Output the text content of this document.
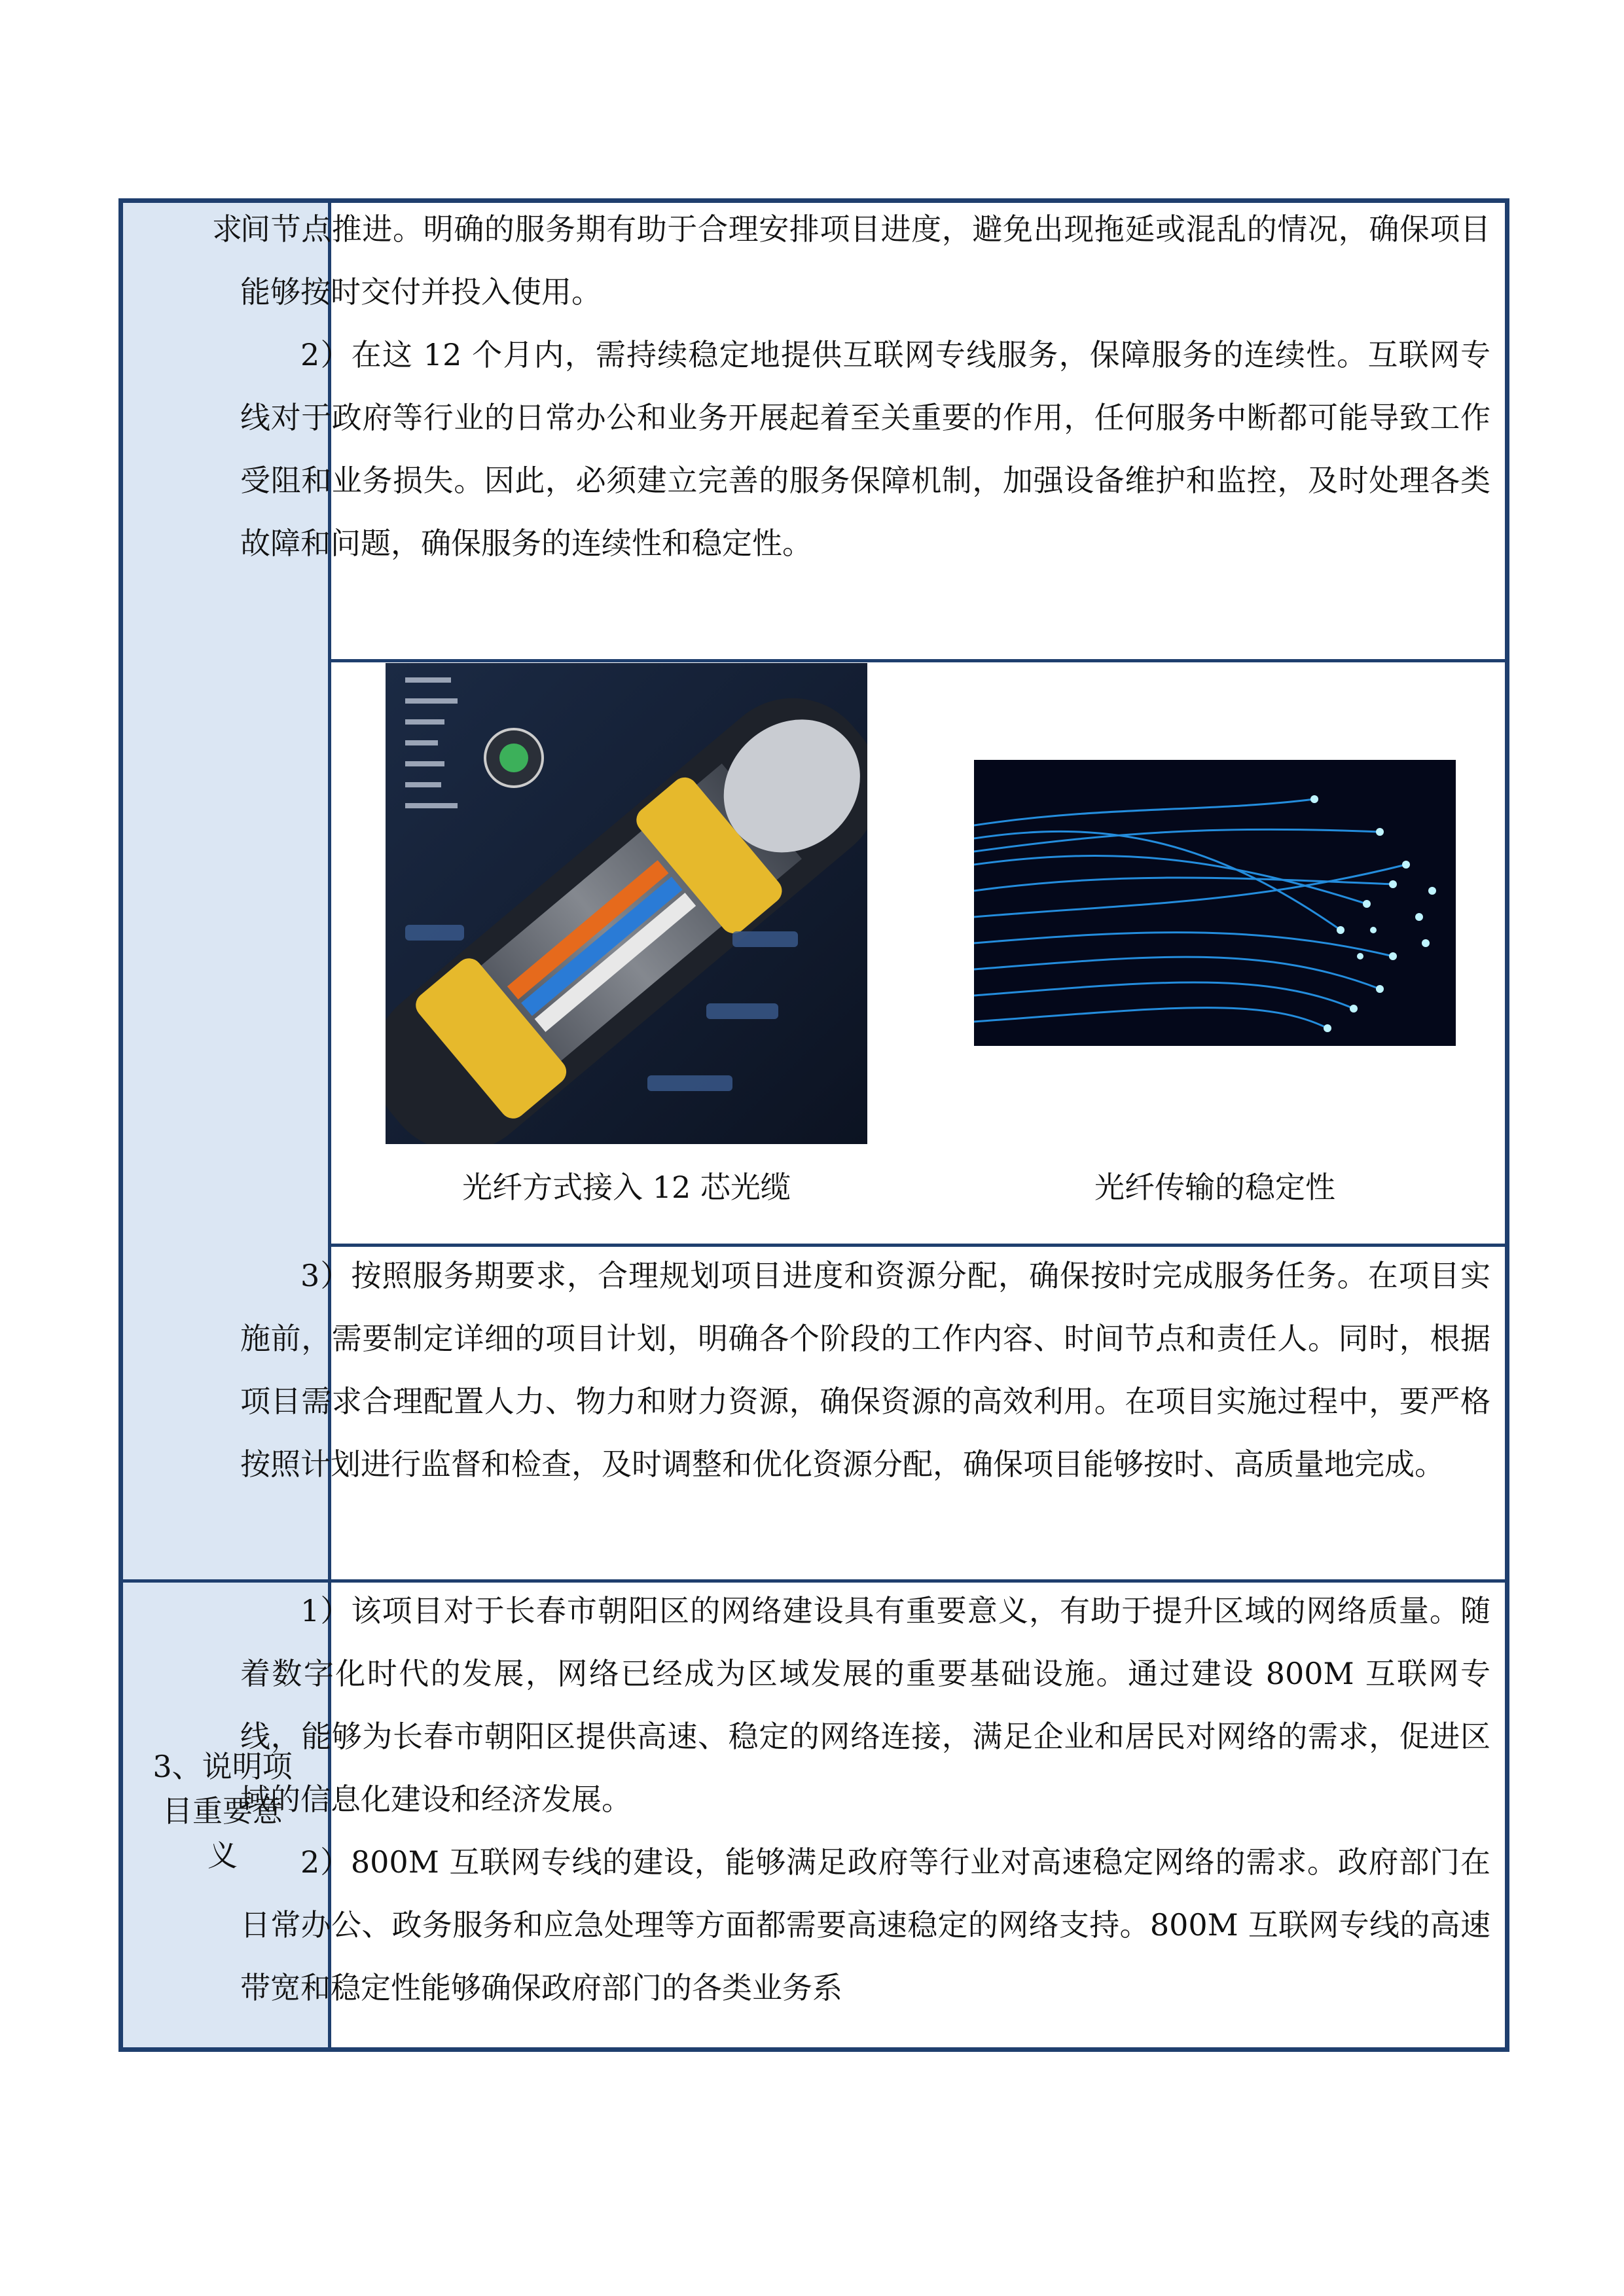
求

间节点推进。明确的服务期有助于合理安排项目进度，避免出现拖延或混乱的情况，确保项目能够按时交付并投入使用。

2）在这 12 个月内，需持续稳定地提供互联网专线服务，保障服务的连续性。互联网专线对于政府等行业的日常办公和业务开展起着至关重要的作用，任何服务中断都可能导致工作受阻和业务损失。因此，必须建立完善的服务保障机制，加强设备维护和监控，及时处理各类故障和问题，确保服务的连续性和稳定性。

光纤方式接入 12 芯光缆	光纤传输的稳定性

3）按照服务期要求，合理规划项目进度和资源分配，确保按时完成服务任务。在项目实施前，需要制定详细的项目计划，明确各个阶段的工作内容、时间节点和责任人。同时，根据项目需求合理配置人力、物力和财力资源，确保资源的高效利用。在项目实施过程中，要严格按照计划进行监督和检查，及时调整和优化资源分配，确保项目能够按时、高质量地完成。

3、说明项
目重要意
义

1）该项目对于长春市朝阳区的网络建设具有重要意义，有助于提升区域的网络质量。随着数字化时代的发展，网络已经成为区域发展的重要基础设施。通过建设 800M 互联网专线，能够为长春市朝阳区提供高速、稳定的网络连接，满足企业和居民对网络的需求，促进区域的信息化建设和经济发展。

2）800M 互联网专线的建设，能够满足政府等行业对高速稳定网络的需求。政府部门在日常办公、政务服务和应急处理等方面都需要高速稳定的网络支持。800M 互联网专线的高速带宽和稳定性能够确保政府部门的各类业务系
